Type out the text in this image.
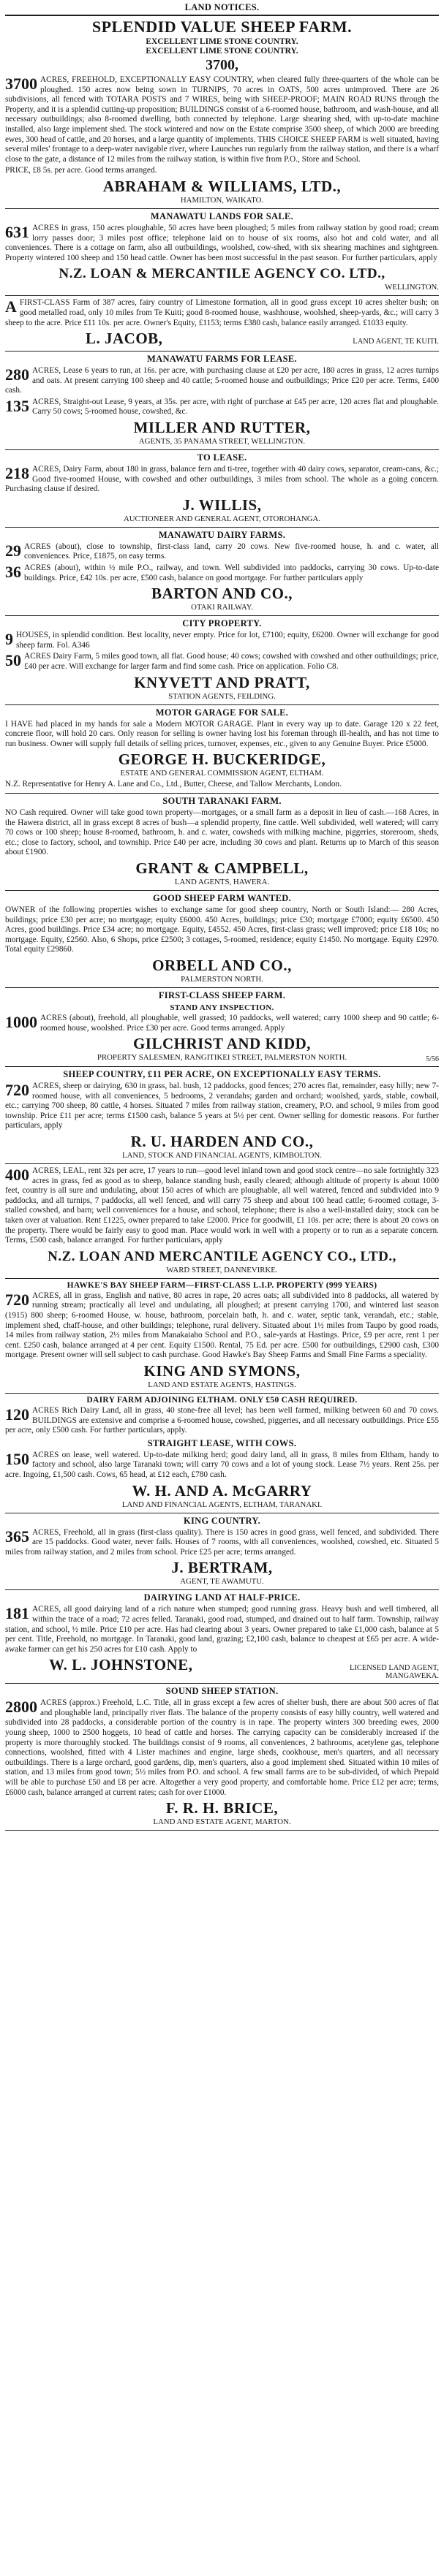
LAND NOTICES.
SPLENDID VALUE SHEEP FARM.
EXCELLENT LIME STONE COUNTRY.
EXCELLENT LIME STONE COUNTRY.
3700,
3700 ACRES, FREEHOLD, EXCEPTIONALLY EASY COUNTRY, when cleared fully three-quarters of the whole can be ploughed. 150 acres now being sown in TURNIPS, 70 acres in OATS, 500 acres unimproved. There are 26 subdivisions, all fenced with TOTARA POSTS and 7 WIRES, being with SHEEP-PROOF; MAIN ROAD RUNS through the Property, and it is a splendid cutting-up proposition; BUILDINGS consist of a 6-roomed house, bathroom, and wash-house, and all necessary outbuildings; also 8-roomed dwelling, both connected by telephone. Large shearing shed, with up-to-date machine installed, also large implement shed. The stock wintered and now on the Estate comprise 3500 sheep, of which 2000 are breeding ewes, 300 head of cattle, and 20 horses, and a large quantity of implements. THIS CHOICE SHEEP FARM is well situated, having several miles' frontage to a deep-water navigable river, where Launches run regularly from the railway station, and there is a wharf close to the gate, a distance of 12 miles from the railway station, is within five from P.O., Store and School.
PRICE, £8 5s. per acre. Good terms arranged.
ABRAHAM & WILLIAMS, LTD.,
HAMILTON, WAIKATO.
MANAWATU LANDS FOR SALE.
631 ACRES in grass, 150 acres ploughable, 50 acres have been ploughed; 5 miles from railway station by good road; cream lorry passes door; 3 miles post office; telephone laid on to house of six rooms, also hot and cold water, and all conveniences. There is a cottage on farm, also all outbuildings, woolshed, cow-shed, with six shearing machines and sightgreen. Property wintered 100 sheep and 150 head cattle. Owner has been most successful in the past season. For further particulars, apply
N.Z. LOAN & MERCANTILE AGENCY CO. LTD.,
WELLINGTON.
A FIRST-CLASS Farm of 387 acres, fairy country of Limestone formation, all in good grass except 10 acres shelter bush; on good metalled road, only 10 miles from Te Kuiti; good 8-roomed house, washhouse, woolshed, sheep-yards, &c.; will carry 3 sheep to the acre. Price £11 10s. per acre. Owner's Equity, £1153; terms £380 cash, balance easily arranged. £1033 equity.
L. JACOB,	LAND AGENT, TE KUITI.
MANAWATU FARMS FOR LEASE.
280 ACRES, Lease 6 years to run, at 16s. per acre, with purchasing clause at £20 per acre, 180 acres in grass, 12 acres turnips and oats. At present carrying 100 sheep and 40 cattle; 5-roomed house and outbuildings; Price £20 per acre. Terms, £400 cash.
135 ACRES, Straight-out Lease, 9 years, at 35s. per acre, with right of purchase at £45 per acre, 120 acres flat and ploughable. Carry 50 cows; 5-roomed house, cowshed, &c.
MILLER AND RUTTER,
AGENTS, 35 PANAMA STREET, WELLINGTON.
TO LEASE.
218 ACRES, Dairy Farm, about 180 in grass, balance fern and ti-tree, together with 40 dairy cows, separator, cream-cans, &c.; Good five-roomed House, with cowshed and other outbuildings, 3 miles from school. The whole as a going concern. Purchasing clause if desired.
J. WILLIS,
AUCTIONEER AND GENERAL AGENT, OTOROHANGA.
MANAWATU DAIRY FARMS.
29 ACRES (about), close to township, first-class land, carry 20 cows. New five-roomed house, h. and c. water, all conveniences. Price, £1875, on easy terms.
36 ACRES (about), within ½ mile P.O., railway, and town. Well subdivided into paddocks, carrying 30 cows. Up-to-date buildings. Price, £42 10s. per acre, £500 cash, balance on good mortgage. For further particulars apply
BARTON AND CO.,
OTAKI RAILWAY.
CITY PROPERTY.
9 HOUSES, in splendid condition. Best locality, never empty. Price for lot, £7100; equity, £6200. Owner will exchange for good sheep farm. Fol. A346
50 ACRES Dairy Farm, 5 miles good town, all flat. Good house; 40 cows; cowshed with cowshed and other outbuildings; price, £40 per acre. Will exchange for larger farm and find some cash. Price on application. Folio C8.
KNYVETT AND PRATT,
STATION AGENTS, FEILDING.
MOTOR GARAGE FOR SALE.
I HAVE had placed in my hands for sale a Modern MOTOR GARAGE. Plant in every way up to date. Garage 120 x 22 feet, concrete floor, will hold 20 cars. Only reason for selling is owner having lost his foreman through ill-health, and has not time to run business. Owner will supply full details of selling prices, turnover, expenses, etc., given to any Genuine Buyer. Price £5000.
GEORGE H. BUCKERIDGE,
ESTATE AND GENERAL COMMISSION AGENT, ELTHAM.
N.Z. Representative for Henry A. Lane and Co., Ltd., Butter, Cheese, and Tallow Merchants, London.
SOUTH TARANAKI FARM.
NO Cash required. Owner will take good town property—mortgages, or a small farm as a deposit in lieu of cash.—168 Acres, in the Hawera district, all in grass except 8 acres of bush—a splendid property, fine cattle. Well subdivided, well watered; will carry 70 cows or 100 sheep; house 8-roomed, bathroom, h. and c. water, cowsheds with milking machine, piggeries, storeroom, sheds, etc.; close to factory, school, and township. Price £40 per acre, including 30 cows and plant. Returns up to March of this season about £1900.
GRANT & CAMPBELL,
LAND AGENTS, HAWERA.
GOOD SHEEP FARM WANTED.
OWNER of the following properties wishes to exchange same for good sheep country, North or South Island:— 280 Acres, buildings; price £30 per acre; no mortgage; equity £6000. 450 Acres, buildings; price £30; mortgage £7000; equity £6500. 450 Acres, good buildings. Price £34 acre; no mortgage. Equity, £4552. 450 Acres, first-class grass; well improved; price £18 10s; no mortgage. Equity, £2560. Also, 6 Shops, price £2500; 3 cottages, 5-roomed, residence; equity £1450. No mortgage. Equity £2970. Total equity £29860.
ORBELL AND CO.,
PALMERSTON NORTH.
FIRST-CLASS SHEEP FARM.
STAND ANY INSPECTION.
1000 ACRES (about), freehold, all ploughable, well grassed; 10 paddocks, well watered; carry 1000 sheep and 90 cattle; 6-roomed house, woolshed. Price £30 per acre. Good terms arranged. Apply
GILCHRIST AND KIDD,
PROPERTY SALESMEN, RANGITIKEI STREET, PALMERSTON NORTH.	5/56
SHEEP COUNTRY, £11 PER ACRE, ON EXCEPTIONALLY EASY TERMS.
720 ACRES, sheep or dairying, 630 in grass, bal. bush, 12 paddocks, good fences; 270 acres flat, remainder, easy hilly; new 7-roomed house, with all conveniences, 5 bedrooms, 2 verandahs; garden and orchard; woolshed, yards, stable, cowbail, etc.; carrying 700 sheep, 80 cattle, 4 horses. Situated 7 miles from railway station, creamery, P.O. and school, 9 miles from good township. Price £11 per acre; terms £1500 cash, balance 5 years at 5½ per cent. Owner selling for domestic reasons. For further particulars, apply
R. U. HARDEN AND CO.,
LAND, STOCK AND FINANCIAL AGENTS, KIMBOLTON.
400 ACRES, LEAL, rent 32s per acre, 17 years to run—good level inland town and good stock centre—no sale fortnightly 323 acres in grass, fed as good as to sheep, balance standing bush, easily cleared; although altitude of property is about 1000 feet, country is all sure and undulating, about 150 acres of which are ploughable, all well watered, fenced and subdivided into 9 paddocks, and all turnips, 7 paddocks, all well fenced, and will carry 75 sheep and about 100 head cattle; 6-roomed cottage, 3-stalled cowshed, and barn; well conveniences for a house, and school, telephone; there is also a well-installed dairy; stock can be taken over at valuation. Rent £1225, owner prepared to take £2000. Price for goodwill, £1 10s. per acre; there is about 20 cows on the property. There would be fairly easy to good man. Place would work in well with a property or to run as a separate concern. Terms, £500 cash, balance arranged. For further particulars, apply
N.Z. LOAN AND MERCANTILE AGENCY CO., LTD.,
WARD STREET, DANNEVIRKE.
HAWKE'S BAY SHEEP FARM—FIRST-CLASS L.I.P. PROPERTY (999 YEARS)
720 ACRES, all in grass, English and native, 80 acres in rape, 20 acres oats; all subdivided into 8 paddocks, all watered by running stream; practically all level and undulating, all ploughed; at present carrying 1700, and wintered last season (1915) 800 sheep; 6-roomed House, w. house, bathroom, porcelain bath, h. and c. water, septic tank, verandah, etc.; stable, implement shed, chaff-house, and other buildings; telephone, rural delivery. Situated about 1½ miles from Taupo by good roads, 14 miles from railway station, 2½ miles from Manakaiaho School and P.O., sale-yards at Hastings. Price, £9 per acre, rent 1 per cent. £250 cash, balance arranged at 4 per cent. Equity £1500. Rental, 75 Ed. per acre. £500 for outbuildings, £2900 cash, £300 mortgage. Present owner will sell subject to cash purchase. Good Hawke's Bay Sheep Farms and Small Fine Farms a speciality.
KING AND SYMONS,
LAND AND ESTATE AGENTS, HASTINGS.
DAIRY FARM ADJOINING ELTHAM. ONLY £50 CASH REQUIRED.
120 ACRES Rich Dairy Land, all in grass, 40 stone-free all level; has been well farmed, milking between 60 and 70 cows. BUILDINGS are extensive and comprise a 6-roomed house, cowshed, piggeries, and all necessary outbuildings. Price £55 per acre, only £500 cash. For further particulars, apply.
STRAIGHT LEASE, WITH COWS.
150 ACRES on lease, well watered. Up-to-date milking herd; good dairy land, all in grass, 8 miles from Eltham, handy to factory and school, also large Taranaki town; will carry 70 cows and a lot of young stock. Lease 7½ years. Rent 25s. per acre. Ingoing, £1,500 cash. Cows, 65 head, at £12 each, £780 cash.
W. H. AND A. McGARRY
LAND AND FINANCIAL AGENTS, ELTHAM, TARANAKI.
KING COUNTRY.
365 ACRES, Freehold, all in grass (first-class quality). There is 150 acres in good grass, well fenced, and subdivided. There are 15 paddocks. Good water, never fails. Houses of 7 rooms, with all conveniences, woolshed, cowshed, etc. Situated 5 miles from railway station, and 2 miles from school. Price £25 per acre; terms arranged.
J. BERTRAM,
AGENT, TE AWAMUTU.
DAIRYING LAND AT HALF-PRICE.
181 ACRES, all good dairying land of a rich nature when stumped; good running grass. Heavy bush and well timbered, all within the trace of a road; 72 acres felled. Taranaki, good road, stumped, and drained out to half farm. Township, railway station, and school, ½ mile. Price £10 per acre. Has had clearing about 3 years. Owner prepared to take £1,000 cash, balance at 5 per cent. Title, Freehold, no mortgage. In Taranaki, good land, grazing; £2,100 cash, balance to cheapest at £65 per acre. A wide-awake farmer can get his 250 acres for £10 cash. Apply to
W. L. JOHNSTONE,	LICENSED LAND AGENT, MANGAWEKA.
SOUND SHEEP STATION.
2800 ACRES (approx.) Freehold, L.C. Title, all in grass except a few acres of shelter bush, there are about 500 acres of flat and ploughable land, principally river flats. The balance of the property consists of easy hilly country, well watered and subdivided into 28 paddocks, a considerable portion of the country is in rape. The property winters 300 breeding ewes, 2000 young sheep, 1000 to 2500 hoggets, 10 head of cattle and horses. The carrying capacity can be considerably increased if the property is more thoroughly stocked. The buildings consist of 9 rooms, all conveniences, 2 bathrooms, acetylene gas, telephone connections, woolshed, fitted with 4 Lister machines and engine, large sheds, cookhouse, men's quarters, and all necessary outbuildings. There is a large orchard, good gardens, dip, men's quarters, also a good implement shed. Situated within 10 miles of station, and 13 miles from good town; 5½ miles from P.O. and school. A few small farms are to be sub-divided, of which Prepaid will be able to purchase £50 and £8 per acre. Altogether a very good property, and comfortable home. Price £12 per acre; terms, £6000 cash, balance arranged at current rates; cash for over £1000.
F. R. H. BRICE,
LAND AND ESTATE AGENT, MARTON.
